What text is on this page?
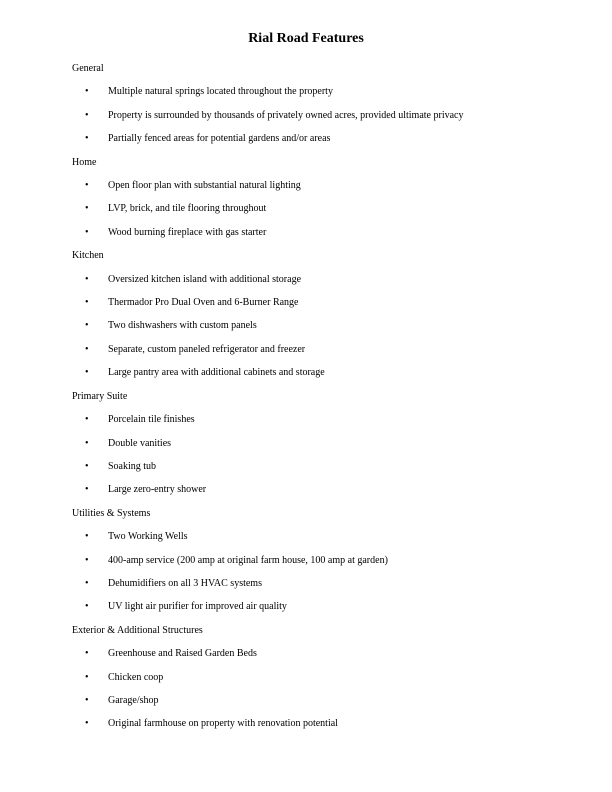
Rial Road Features
General
• Multiple natural springs located throughout the property
• Property is surrounded by thousands of privately owned acres, provided ultimate privacy
• Partially fenced areas for potential gardens and/or areas
Home
• Open floor plan with substantial natural lighting
• LVP, brick, and tile flooring throughout
• Wood burning fireplace with gas starter
Kitchen
• Oversized kitchen island with additional storage
• Thermador Pro Dual Oven and 6-Burner Range
• Two dishwashers with custom panels
• Separate, custom paneled refrigerator and freezer
• Large pantry area with additional cabinets and storage
Primary Suite
• Porcelain tile finishes
• Double vanities
• Soaking tub
• Large zero-entry shower
Utilities & Systems
• Two Working Wells
• 400-amp service (200 amp at original farm house, 100 amp at garden)
• Dehumidifiers on all 3 HVAC systems
• UV light air purifier for improved air quality
Exterior & Additional Structures
• Greenhouse and Raised Garden Beds
• Chicken coop
• Garage/shop
• Original farmhouse on property with renovation potential
